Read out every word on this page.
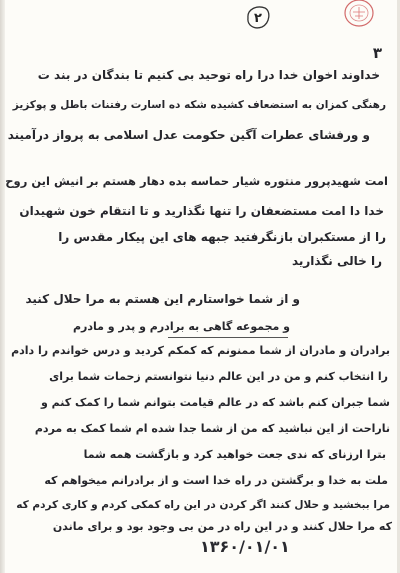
۲
۳
خداوند اخوان خدا درا راه توحید بی کنیم تا بندگان در بند ت
رهنگی کمزان به استضعاف کشیده شکه ده اسارت رفتنات باطل و پوکزیز
و ورفشای عطرات آگین حکومت عدل اسلامی به پرواز درآمیند
امت شهیدپرور منتوره شیار حماسه بده دهار هستم بر انیش این روح
خدا دا امت مستضعفان را تنها نگذارید و تا انتقام خون شهیدان
را از مستکبران بازنگرفتید جبهه های این پیکار مقدس را
را خالی نگذارید
و از شما خواستارم این هستم به مرا حلال کنید
و مجموعه گاهی به برادرم و پدر و مادرم
برادران و مادران از شما ممنونم که کمکم کردید و درس خواندم را دادم
را انتخاب کنم و من در این عالم دنیا نتوانستم زحمات شما برای
شما جبران کنم باشد که در عالم قیامت بتوانم شما را کمک کنم و
ناراحت از این نباشید که من از شما جدا شده ام شما کمک به مردم
بترا ارزنای که ندی جعت خواهید کرد و بازگشت همه شما
ملت به خدا و برگشتن در راه خدا است و از برادرانم میخواهم که
مرا ببخشید و حلال کنند اگر کردن در این راه کمکی کردم و کاری کردم که
که مرا حلال کنند و در این راه در من بی وجود بود و برای ماندن
۱۳۶۰/۰۱/۰۱
